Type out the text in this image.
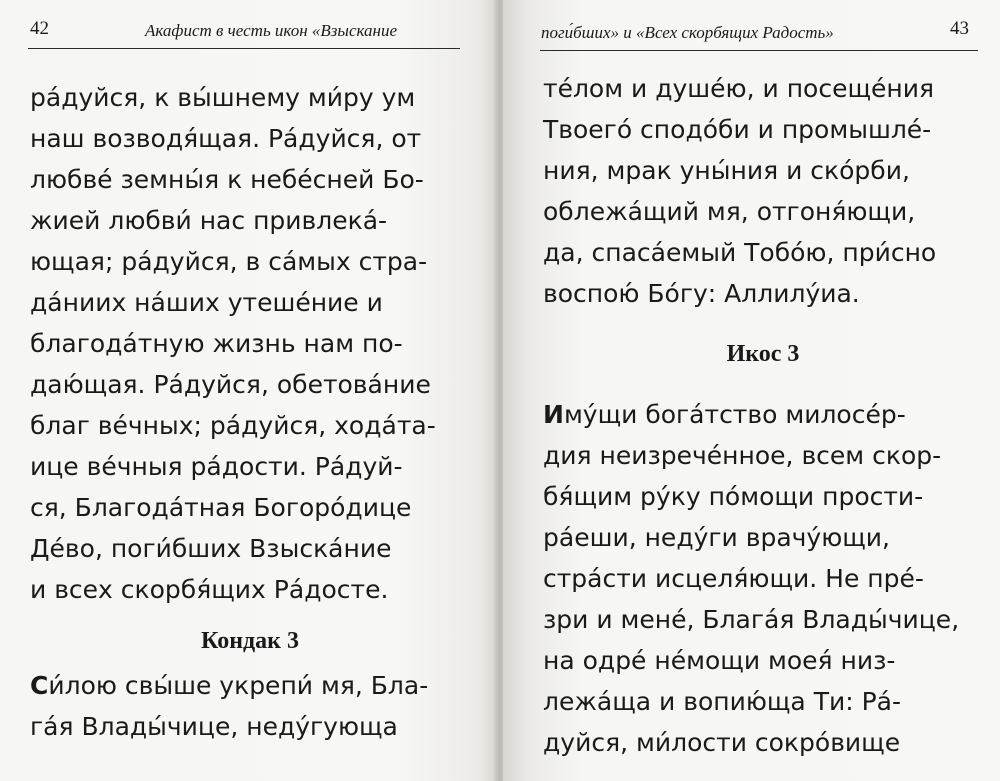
42	Акафист в честь икон «Взыскание
ра́дуйся, к вы́шнему ми́ру ум
наш возводя́щая. Ра́дуйся, от
любве́ земны́я к небе́сней Бо-
жией любви́ нас привлека́-
ющая; ра́дуйся, в са́мых стра-
да́ниих на́ших утеше́ние и
благода́тную жизнь нам по-
даю́щая. Ра́дуйся, обетова́ние
благ ве́чных; ра́дуйся, хода́та-
ице ве́чныя ра́дости. Ра́дуй-
ся, Благода́тная Богоро́дице
Де́во, поги́бших Взыска́ние
и всех скорбя́щих Ра́досте.
Кондак 3
Си́лою свы́ше укрепи́ мя, Бла-
га́я Влады́чице, неду́гующа
поги́бших» и «Всех скорбящих Радость»	43
те́лом и душе́ю, и посеще́ния
Твоего́ сподо́би и промышле́-
ния, мрак уны́ния и ско́рби,
облежа́щий мя, отгоня́ющи,
да, спаса́емый Тобо́ю, при́сно
воспою́ Бо́гу: Аллилу́иа.
Икос 3
Иму́щи бога́тство милосе́р-
дия неизрече́нное, всем скор-
бя́щим ру́ку по́мощи прости-
ра́еши, неду́ги врачу́ющи,
стра́сти исцеля́ющи. Не пре́-
зри и мене́, Блага́я Влады́чице,
на одре́ не́мощи моея́ низ-
лежа́ща и вопию́ща Ти: Ра́-
дуйся, ми́лости сокро́вище
